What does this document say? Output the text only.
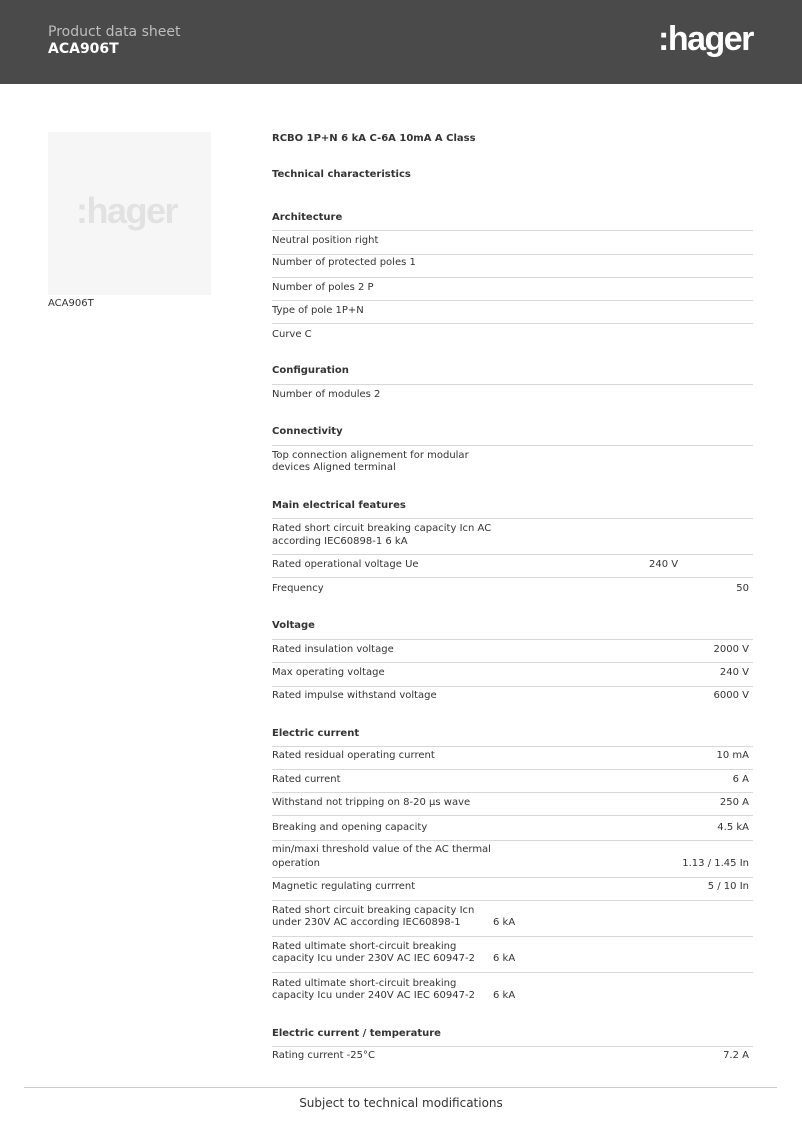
Product data sheet
ACA906T	:hager
:hager
ACA906T
RCBO 1P+N 6 kA C-6A 10mA A Class
Technical characteristics
Architecture
Neutral position right
Number of protected poles 1
Number of poles 2 P
Type of pole 1P+N
Curve C
Configuration
Number of modules 2
Connectivity
Top connection alignement for modular
devices Aligned terminal
Main electrical features
Rated short circuit breaking capacity Icn AC
according IEC60898-1 6 kA
Rated operational voltage Ue	240 V
Frequency	50
Voltage
Rated insulation voltage	2000 V
Max operating voltage	240 V
Rated impulse withstand voltage	6000 V
Electric current
Rated residual operating current	10 mA
Rated current	6 A
Withstand not tripping on 8-20 µs wave	250 A
Breaking and opening capacity	4.5 kA
min/maxi threshold value of the AC thermal
operation	1.13 / 1.45 In
Magnetic regulating currrent	5 / 10 In
Rated short circuit breaking capacity Icn
under 230V AC according IEC60898-1	6 kA
Rated ultimate short-circuit breaking
capacity Icu under 230V AC IEC 60947-2 6 kA
Rated ultimate short-circuit breaking
capacity Icu under 240V AC IEC 60947-2 6 kA
Electric current / temperature
Rating current -25°C	7.2 A
Subject to technical modifications
